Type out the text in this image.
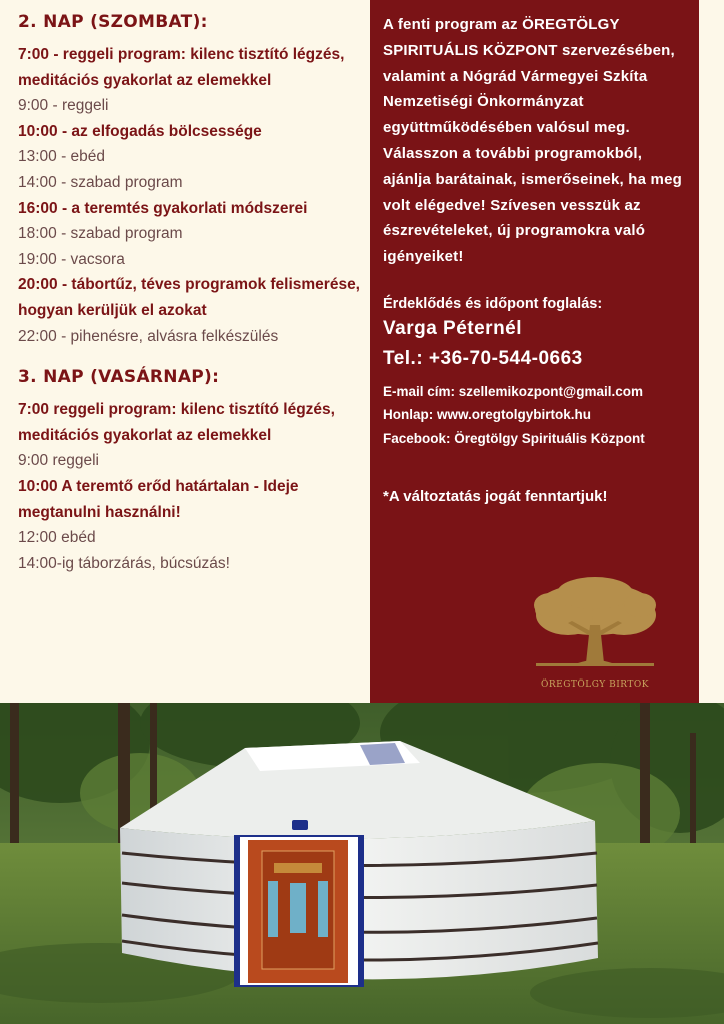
2. NAP (SZOMBAT):

7:00 - reggeli program: kilenc tisztító légzés, meditációs gyakorlat az elemekkel

9:00 - reggeli

10:00 - az elfogadás bölcsessége

13:00 - ebéd

14:00 - szabad program

16:00 - a teremtés gyakorlati módszerei

18:00 - szabad program

19:00 - vacsora

20:00 - tábortűz, téves programok felismerése, hogyan kerüljük el azokat

22:00 - pihenésre, alvásra felkészülés

3. NAP (VASÁRNAP):

7:00 reggeli program: kilenc tisztító légzés, meditációs gyakorlat az elemekkel

9:00 reggeli

10:00 A teremtő erőd határtalan - Ideje megtanulni használni!

12:00 ebéd

14:00-ig táborzárás, búcsúzás!

A fenti program az ÖREGTÖLGY SPIRITUÁLIS KÖZPONT szervezésében, valamint a Nógrád Vármegyei Szkíta Nemzetiségi Önkormányzat együttműködésében valósul meg. Válasszon a további programokból, ajánlja barátainak, ismerőseinek, ha meg volt elégedve! Szívesen vesszük az észrevételeket, új programokra való igényeiket!

Érdeklődés és időpont foglalás:

Varga Péternél

Tel.: +36-70-544-0663

E-mail cím: szellemikozpont@gmail.com

Honlap: www.oregtolgybirtok.hu

Facebook: Öregtölgy Spirituális Központ

*A változtatás jogát fenntartjuk!

ÖREGTÖLGY BIRTOK
